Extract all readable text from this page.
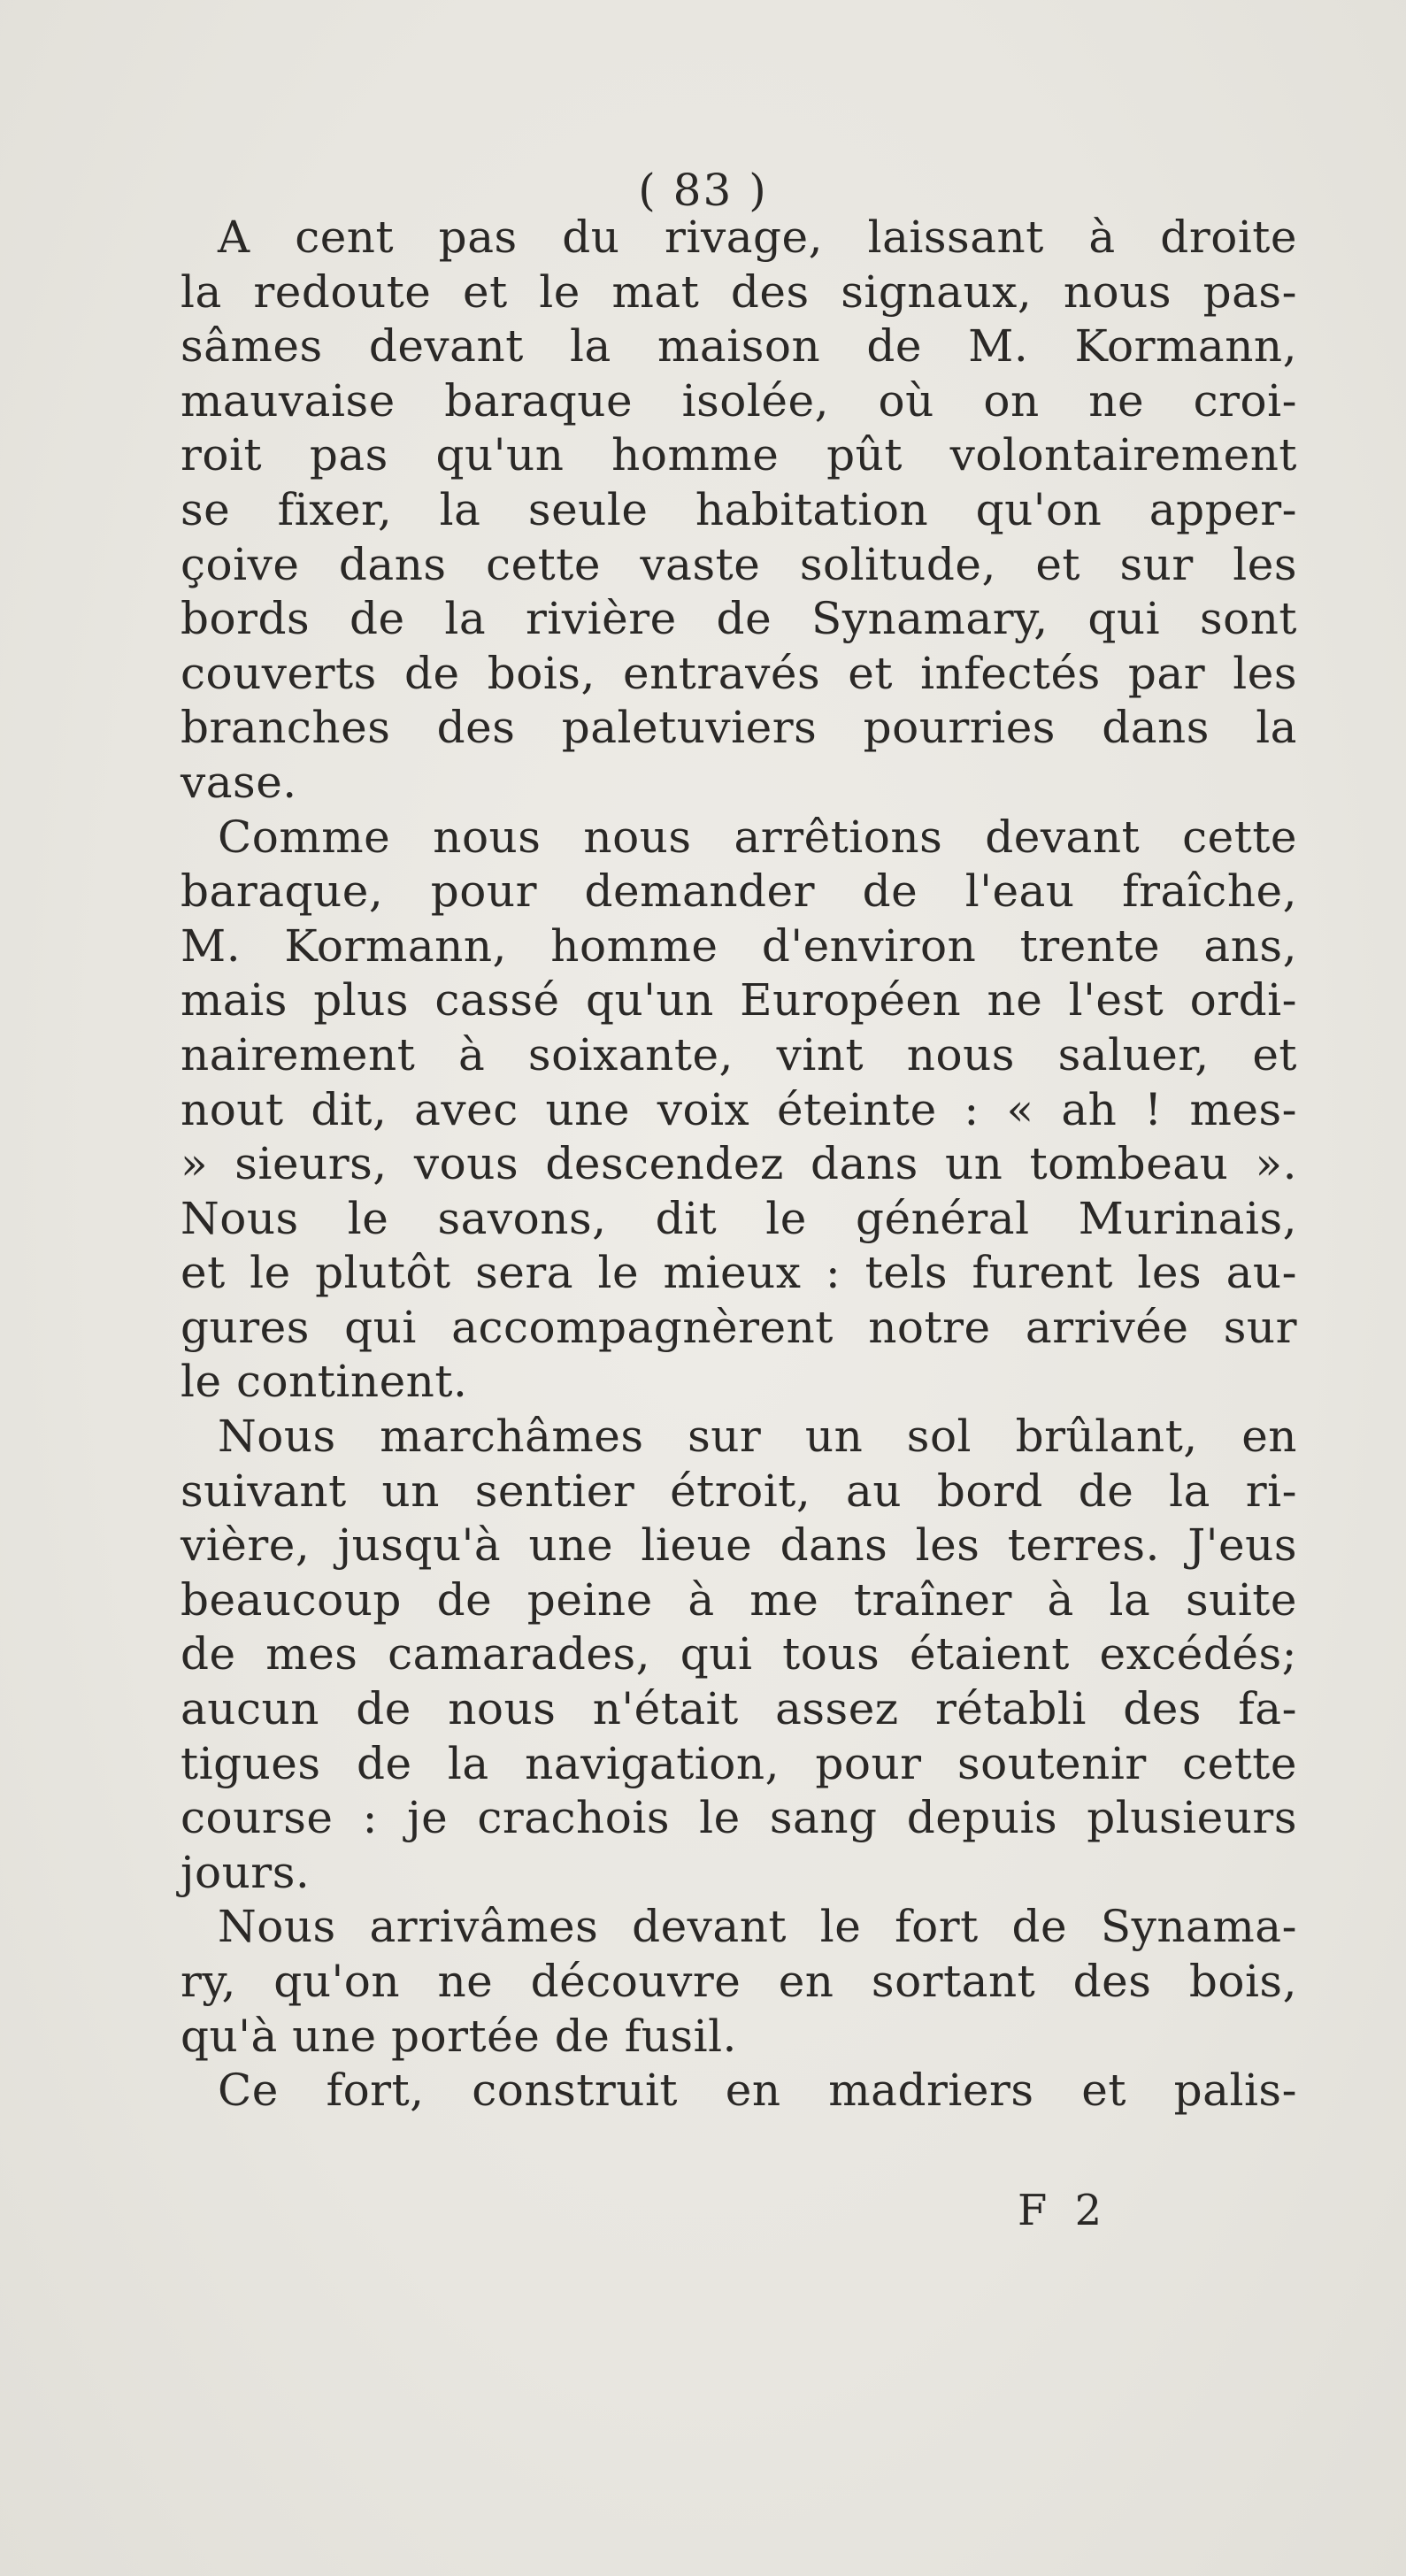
( 83 )
A cent pas du rivage, laissant à droite
la redoute et le mat des signaux, nous pas-
sâmes devant la maison de M. Kormann,
mauvaise baraque isolée, où on ne croi-
roit pas qu'un homme pût volontairement
se fixer, la seule habitation qu'on apper-
çoive dans cette vaste solitude, et sur les
bords de la rivière de Synamary, qui sont
couverts de bois, entravés et infectés par les
branches des paletuviers pourries dans la
vase.
Comme nous nous arrêtions devant cette
baraque, pour demander de l'eau fraîche,
M. Kormann, homme d'environ trente ans,
mais plus cassé qu'un Européen ne l'est ordi-
nairement à soixante, vint nous saluer, et
nout dit, avec une voix éteinte : « ah ! mes-
» sieurs, vous descendez dans un tombeau ».
Nous le savons, dit le général Murinais,
et le plutôt sera le mieux : tels furent les au-
gures qui accompagnèrent notre arrivée sur
le continent.
Nous marchâmes sur un sol brûlant, en
suivant un sentier étroit, au bord de la ri-
vière, jusqu'à une lieue dans les terres. J'eus
beaucoup de peine à me traîner à la suite
de mes camarades, qui tous étaient excédés;
aucun de nous n'était assez rétabli des fa-
tigues de la navigation, pour soutenir cette
course : je crachois le sang depuis plusieurs
jours.
Nous arrivâmes devant le fort de Synama-
ry, qu'on ne découvre en sortant des bois,
qu'à une portée de fusil.
Ce fort, construit en madriers et palis-
F 2
